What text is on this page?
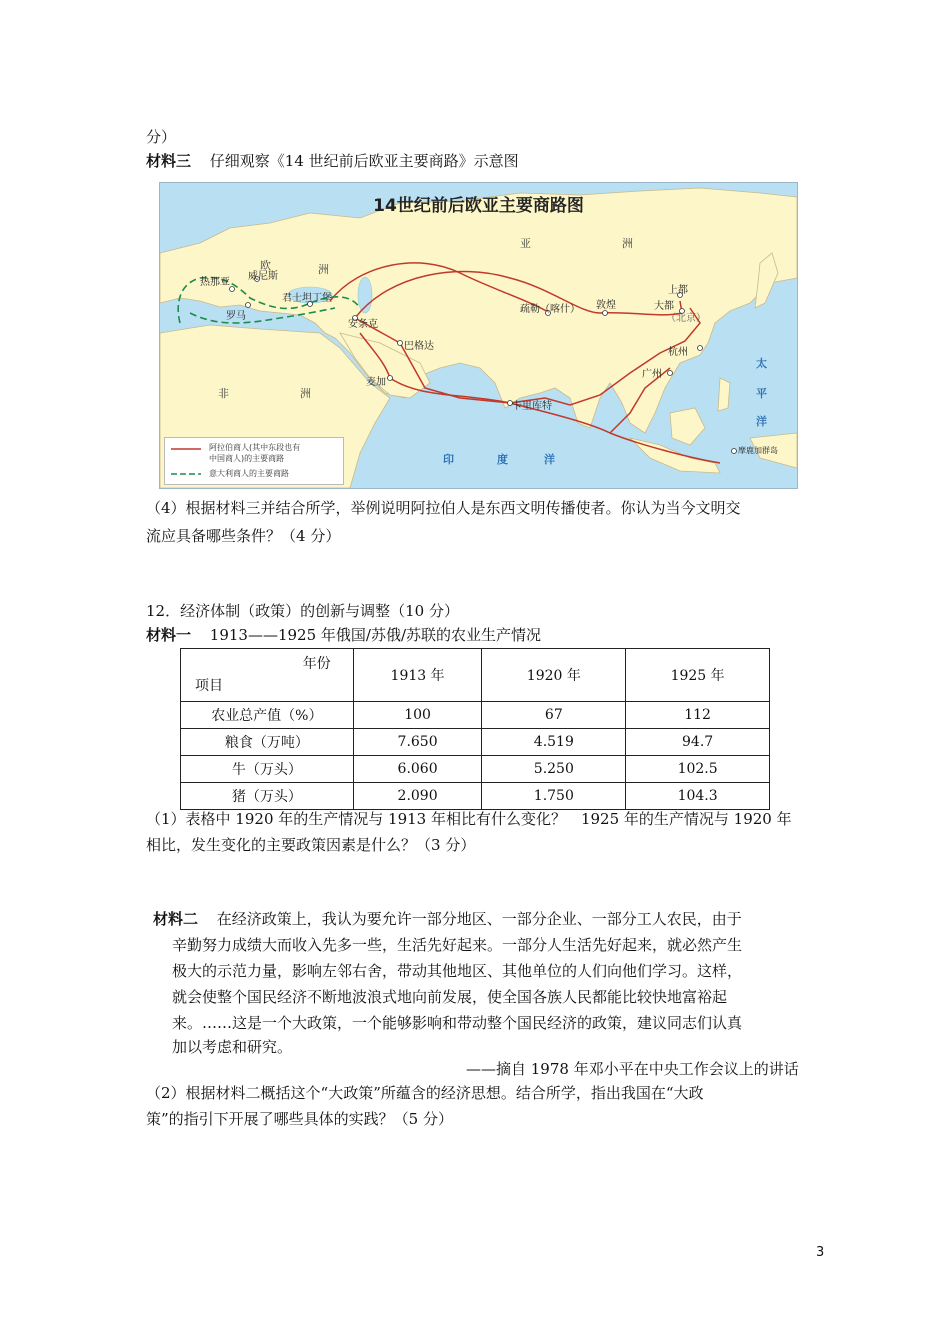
分）
材料三 仔细观察《14 世纪前后欧亚主要商路》示意图
14世纪前后欧亚主要商路图
亚	洲
欧	洲
非	洲
印	度	洋
太
平
洋
热那亚
威尼斯
罗马
君士坦丁堡
安条克
巴格达
麦加
疏勒（喀什） 敦煌
上都
大都
（北京）
杭州
广州
卡里库特
摩鹿加群岛
阿拉伯商人(其中东段也有
中国商人)的主要商路
意大利商人的主要商路
（4）根据材料三并结合所学，举例说明阿拉伯人是东西文明传播使者。你认为当今文明交
流应具备哪些条件？（4 分）
12．经济体制（政策）的创新与调整（10 分）
材料一 1913——1925 年俄国/苏俄/苏联的农业生产情况
年份
项目	1913 年	1920 年	1925 年
农业总产值（%）	100	67	112
粮食（万吨）	7.650	4.519	94.7
牛（万头）	6.060	5.250	102.5
猪（万头）	2.090	1.750	104.3
（1）表格中 1920 年的生产情况与 1913 年相比有什么变化？　1925 年的生产情况与 1920 年
相比，发生变化的主要政策因素是什么？（3 分）
材料二 在经济政策上，我认为要允许一部分地区、一部分企业、一部分工人农民，由于
辛勤努力成绩大而收入先多一些，生活先好起来。一部分人生活先好起来，就必然产生
极大的示范力量，影响左邻右舍，带动其他地区、其他单位的人们向他们学习。这样，
就会使整个国民经济不断地波浪式地向前发展，使全国各族人民都能比较快地富裕起
来。……这是一个大政策，一个能够影响和带动整个国民经济的政策，建议同志们认真
加以考虑和研究。
——摘自 1978 年邓小平在中央工作会议上的讲话
（2）根据材料二概括这个“大政策”所蕴含的经济思想。结合所学，指出我国在“大政
策”的指引下开展了哪些具体的实践？（5 分）
3
